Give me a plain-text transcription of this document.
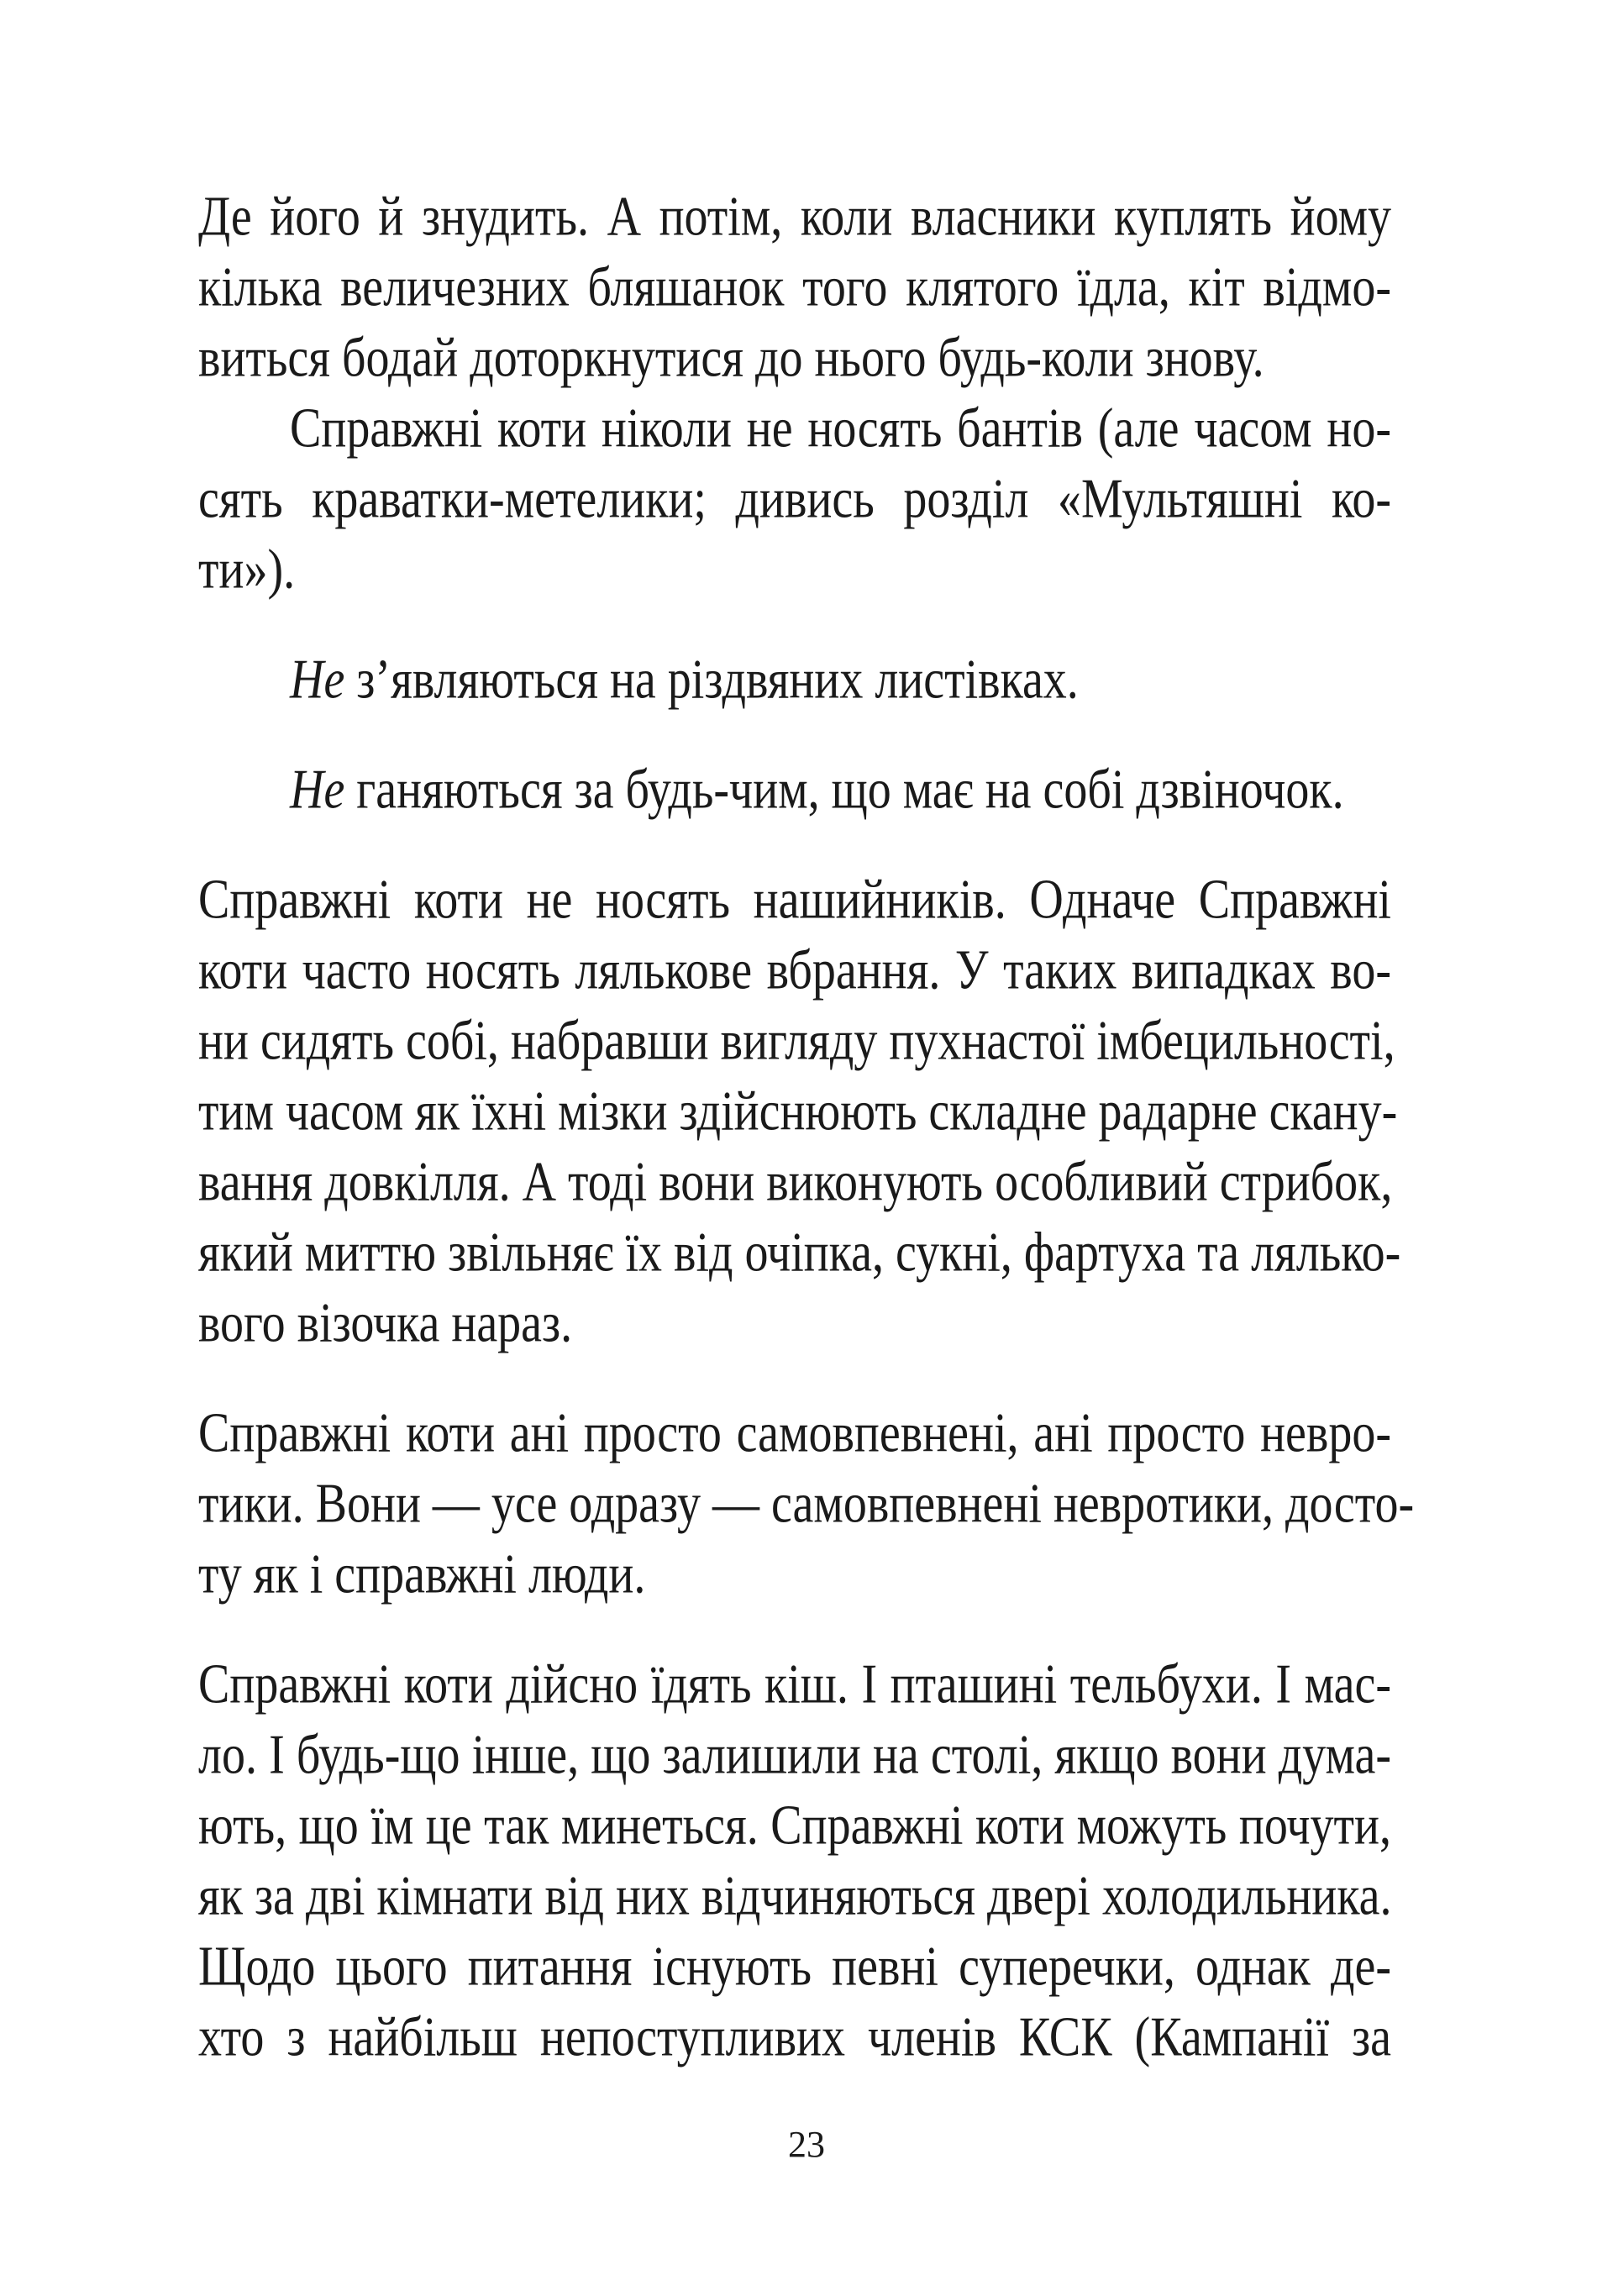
Де його й знудить. А потім, коли власники куплять йому
кілька величезних бляшанок того клятого їдла, кіт відмо-
виться бодай доторкнутися до нього будь-коли знову.
Справжні коти ніколи не носять бантів (але часом но-
сять краватки-метелики; дивись розділ «Мультяшні ко-
ти»).
Не з’являються на різдвяних листівках.
Не ганяються за будь-чим, що має на собі дзвіночок.
Справжні коти не носять нашийників. Одначе Справжні
коти часто носять ляльковe вбрання. У таких випадках во-
ни сидять собі, набравши вигляду пухнастої імбецильності,
тим часом як їхні мізки здійснюють складне радарне скану-
вання довкілля. А тоді вони виконують особливий стрибок,
який миттю звільняє їх від очіпка, сукні, фартуха та лялько-
вого візочка нараз.
Справжні коти ані просто самовпевнені, ані просто невро-
тики. Вони — усе одразу — самовпевнені невротики, досто-
ту як і справжні люди.
Справжні коти дійсно їдять кіш. І пташині тельбухи. І мас-
ло. І будь-що інше, що залишили на столі, якщо вони дума-
ють, що їм це так минеться. Справжні коти можуть почути,
як за дві кімнати від них відчиняються двері холодильника.
Щодо цього питання існують певні суперечки, однак де-
хто з найбільш непоступливих членів КСК (Кампанії за
23
